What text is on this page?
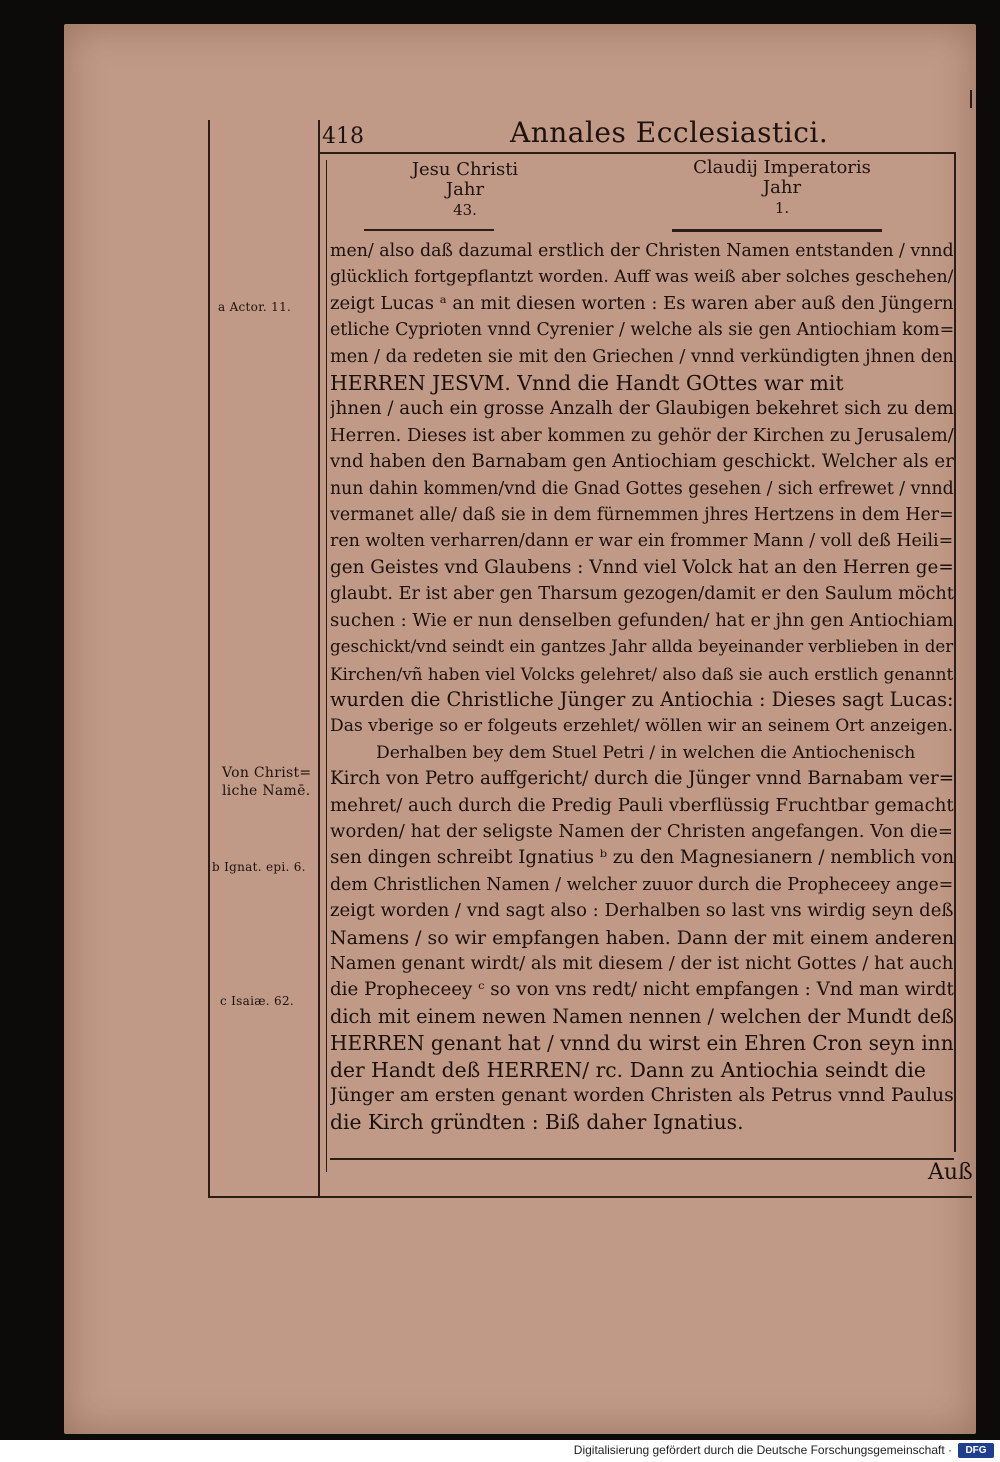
418	Annales Ecclesiastici.
Jesu Christi
Jahr
43.
Claudij Imperatoris
Jahr
1.
men/ also daß dazumal erstlich der Christen Namen entstanden / vnnd
glücklich fortgepflantzt worden. Auff was weiß aber solches geschehen/
zeigt Lucas ᵃ an mit diesen worten : Es waren aber auß den Jüngern
etliche Cyprioten vnnd Cyrenier / welche als sie gen Antiochiam kom=
men / da redeten sie mit den Griechen / vnnd verkündigten jhnen den
HERREN JESVM. Vnnd die Handt GOttes war mit
jhnen / auch ein grosse Anzalh der Glaubigen bekehret sich zu dem
Herren. Dieses ist aber kommen zu gehör der Kirchen zu Jerusalem/
vnd haben den Barnabam gen Antiochiam geschickt. Welcher als er
nun dahin kommen/vnd die Gnad Gottes gesehen / sich erfrewet / vnnd
vermanet alle/ daß sie in dem fürnemmen jhres Hertzens in dem Her=
ren wolten verharren/dann er war ein frommer Mann / voll deß Heili=
gen Geistes vnd Glaubens : Vnnd viel Volck hat an den Herren ge=
glaubt. Er ist aber gen Tharsum gezogen/damit er den Saulum möcht
suchen : Wie er nun denselben gefunden/ hat er jhn gen Antiochiam
geschickt/vnd seindt ein gantzes Jahr allda beyeinander verblieben in der
Kirchen/vñ haben viel Volcks gelehret/ also daß sie auch erstlich genannt
wurden die Christliche Jünger zu Antiochia : Dieses sagt Lucas:
Das vberige so er folgeuts erzehlet/ wöllen wir an seinem Ort anzeigen.
Derhalben bey dem Stuel Petri / in welchen die Antiochenisch
Kirch von Petro auffgericht/ durch die Jünger vnnd Barnabam ver=
mehret/ auch durch die Predig Pauli vberflüssig Fruchtbar gemacht
worden/ hat der seligste Namen der Christen angefangen. Von die=
sen dingen schreibt Ignatius ᵇ zu den Magnesianern / nemblich von
dem Christlichen Namen / welcher zuuor durch die Propheceey ange=
zeigt worden / vnd sagt also : Derhalben so last vns wirdig seyn deß
Namens / so wir empfangen haben. Dann der mit einem anderen
Namen genant wirdt/ als mit diesem / der ist nicht Gottes / hat auch
die Propheceey ᶜ so von vns redt/ nicht empfangen : Vnd man wirdt
dich mit einem newen Namen nennen / welchen der Mundt deß
HERREN genant hat / vnnd du wirst ein Ehren Cron seyn inn
der Handt deß HERREN/ rc. Dann zu Antiochia seindt die
Jünger am ersten genant worden Christen als Petrus vnnd Paulus
die Kirch gründten : Biß daher Ignatius.
a Actor. 11.
Von Christ=
liche Namē.
b Ignat. epi. 6.
c Isaiæ. 62.
Auß
Digitalisierung gefördert durch die Deutsche Forschungsgemeinschaft ·	DFG
